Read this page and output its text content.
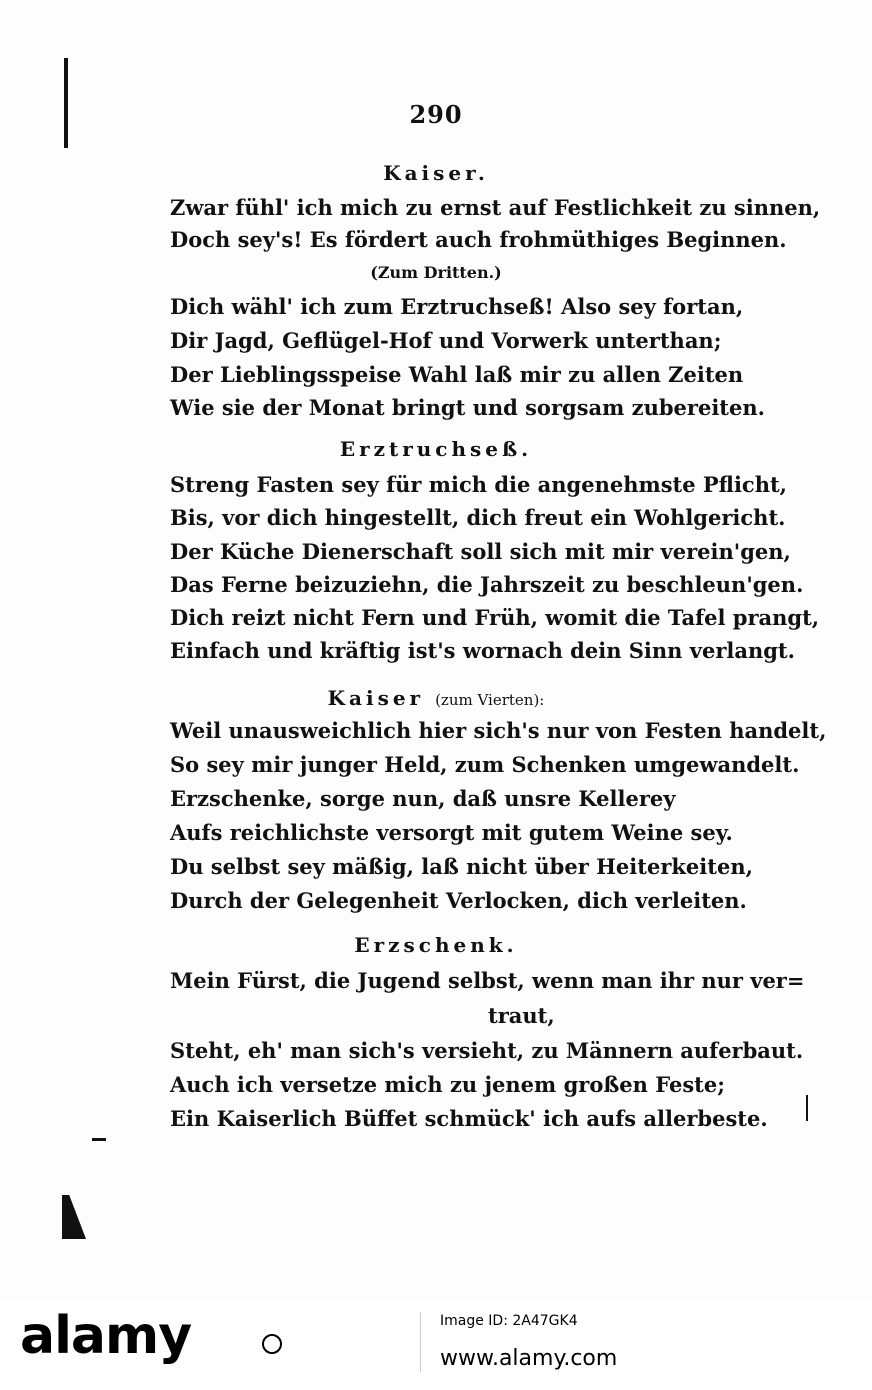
290
Kaiser.
Zwar fühl' ich mich zu ernst auf Festlichkeit zu sinnen,
Doch sey's! Es fördert auch frohmüthiges Beginnen.
(Zum Dritten.)
Dich wähl' ich zum Erztruchseß! Also sey fortan,
Dir Jagd, Geflügel-Hof und Vorwerk unterthan;
Der Lieblingsspeise Wahl laß mir zu allen Zeiten
Wie sie der Monat bringt und sorgsam zubereiten.
Erztruchseß.
Streng Fasten sey für mich die angenehmste Pflicht,
Bis, vor dich hingestellt, dich freut ein Wohlgericht.
Der Küche Dienerschaft soll sich mit mir verein'gen,
Das Ferne beizuziehn, die Jahrszeit zu beschleun'gen.
Dich reizt nicht Fern und Früh, womit die Tafel prangt,
Einfach und kräftig ist's wornach dein Sinn verlangt.
Kaiser (zum Vierten):
Weil unausweichlich hier sich's nur von Festen handelt,
So sey mir junger Held, zum Schenken umgewandelt.
Erzschenke, sorge nun, daß unsre Kellerey
Aufs reichlichste versorgt mit gutem Weine sey.
Du selbst sey mäßig, laß nicht über Heiterkeiten,
Durch der Gelegenheit Verlocken, dich verleiten.
Erzschenk.
Mein Fürst, die Jugend selbst, wenn man ihr nur ver=
traut,
Steht, eh' man sich's versieht, zu Männern auferbaut.
Auch ich versetze mich zu jenem großen Feste;
Ein Kaiserlich Büffet schmück' ich aufs allerbeste.
alamy	Image ID: 2A47GK4
www.alamy.com
